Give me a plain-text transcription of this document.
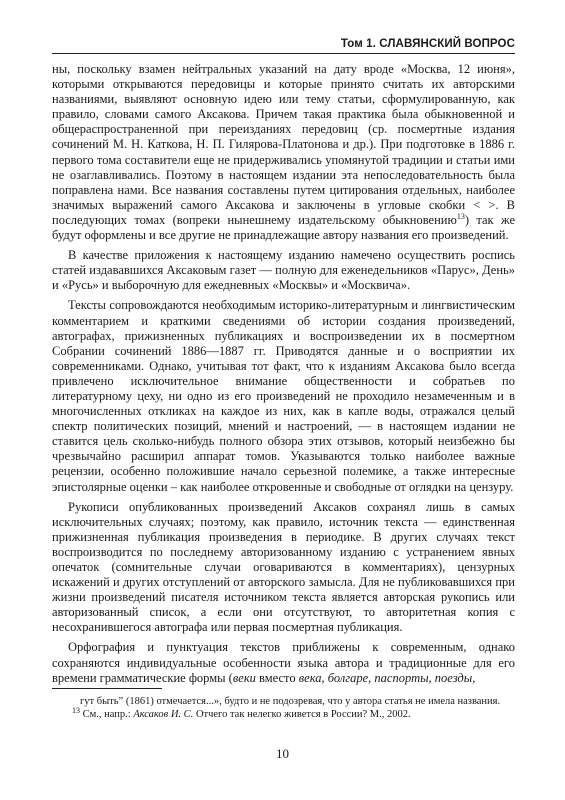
Том 1. СЛАВЯНСКИЙ ВОПРОС

ны, поскольку взамен нейтральных указаний на дату вроде «Москва, 12 июня», которыми открываются передовицы и которые принято считать их авторскими названиями, выявляют основную идею или тему статьи, сформулированную, как правило, словами самого Аксакова. Причем такая практика была обыкновенной и общераспространенной при переизданиях передовиц (ср. посмертные издания сочинений М. Н. Каткова, Н. П. Гилярова-Платонова и др.). При подготовке в 1886 г. первого тома составители еще не придерживались упомянутой традиции и статьи ими не озаглавливались. Поэтому в настоящем издании эта непоследовательность была поправлена нами. Все названия составлены путем цитирования отдельных, наиболее значимых выражений самого Аксакова и заключены в угловые скобки < >. В последующих томах (вопреки нынешнему издательскому обыкновению$^{13}$) так же будут оформлены и все другие не принадлежащие автору названия его произведений.

В качестве приложения к настоящему изданию намечено осуществить роспись статей издававшихся Аксаковым газет — полную для еженедельников «Парус», День» и «Русь» и выборочную для ежедневных «Москвы» и «Москвича».

Тексты сопровождаются необходимым историко-литературным и лингвистическим комментарием и краткими сведениями об истории создания произведений, автографах, прижизненных публикациях и воспроизведении их в посмертном Собрании сочинений 1886—1887 гг. Приводятся данные и о восприятии их современниками. Однако, учитывая тот факт, что к изданиям Аксакова было всегда привлечено исключительное внимание общественности и собратьев по литературному цеху, ни одно из его произведений не проходило незамеченным и в многочисленных откликах на каждое из них, как в капле воды, отражался целый спектр политических позиций, мнений и настроений, — в настоящем издании не ставится цель сколько-нибудь полного обзора этих отзывов, который неизбежно бы чрезвычайно расширил аппарат томов. Указываются только наиболее важные рецензии, особенно положившие начало серьезной полемике, а также интересные эпистолярные оценки – как наиболее откровенные и свободные от оглядки на цензуру.

Рукописи опубликованных произведений Аксаков сохранял лишь в самых исключительных случаях; поэтому, как правило, источник текста — единственная прижизненная публикация произведения в периодике. В других случаях текст воспроизводится по последнему авторизованному изданию с устранением явных опечаток (сомнительные случаи оговариваются в комментариях), цензурных искажений и других отступлений от авторского замысла. Для не публиковавшихся при жизни произведений писателя источником текста является авторская рукопись или авторизованный список, а если они отсутствуют, то авторитетная копия с несохранившегося автографа или первая посмертная публикация.

Орфография и пунктуация текстов приближены к современным, однако сохраняются индивидуальные особенности языка автора и традиционные для его времени грамматические формы (веки вместо века, болгаре, паспорты, поезды,

гут быть” (1861) отмечается...», будто и не подозревая, что у автора статья не имела названия.

$^{13}$ См., напр.: Аксаков И. С. Отчего так нелегко живется в России? М., 2002.

10
